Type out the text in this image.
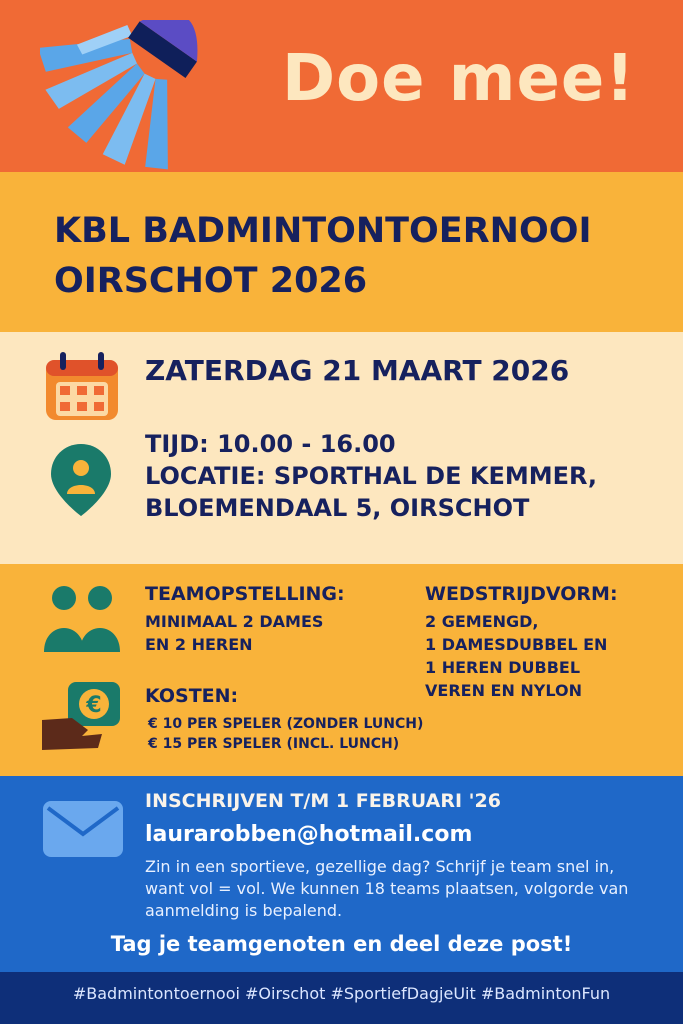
Doe mee!
KBL BADMINTONTOERNOOI
OIRSCHOT 2026
ZATERDAG 21 MAART 2026
TIJD: 10.00 - 16.00
LOCATIE: SPORTHAL DE KEMMER,
BLOEMENDAAL 5, OIRSCHOT
TEAMOPSTELLING:
MINIMAAL 2 DAMES
EN 2 HEREN
WEDSTRIJDVORM:
2 GEMENGD,
1 DAMESDUBBEL EN
1 HEREN DUBBEL
VEREN EN NYLON
€ KOSTEN:
€ 10 PER SPELER (ZONDER LUNCH)
€ 15 PER SPELER (INCL. LUNCH)
INSCHRIJVEN T/M 1 FEBRUARI '26
laurarobben@hotmail.com
Zin in een sportieve, gezellige dag? Schrijf je team snel in, want vol = vol. We kunnen 18 teams plaatsen, volgorde van aanmelding is bepalend.
Tag je teamgenoten en deel deze post!
#Badmintontoernooi #Oirschot #SportiefDagjeUit #BadmintonFun
